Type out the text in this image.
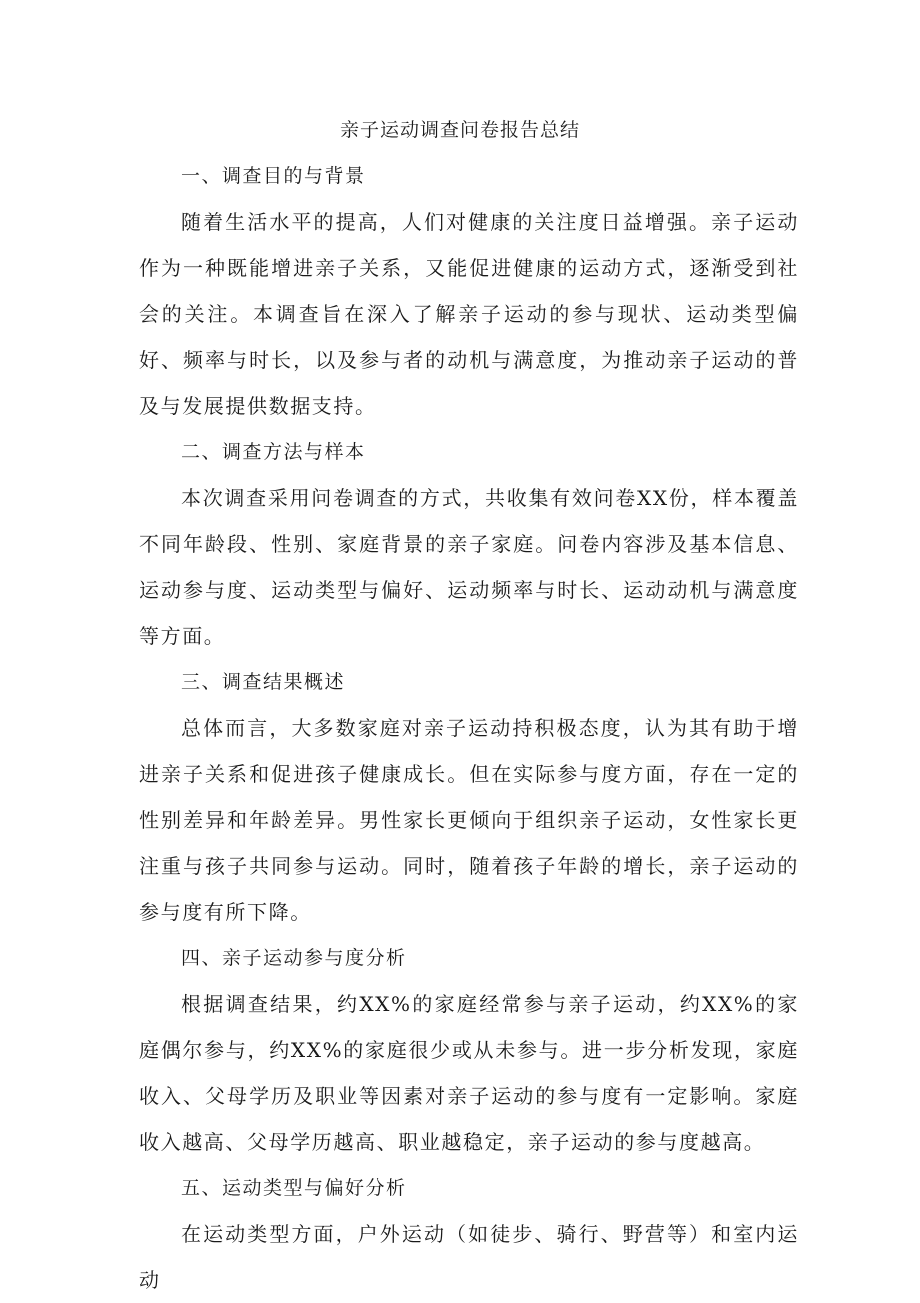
亲子运动调查问卷报告总结

一、调查目的与背景

随着生活水平的提高，人们对健康的关注度日益增强。亲子运动作为一种既能增进亲子关系，又能促进健康的运动方式，逐渐受到社会的关注。本调查旨在深入了解亲子运动的参与现状、运动类型偏好、频率与时长，以及参与者的动机与满意度，为推动亲子运动的普及与发展提供数据支持。

二、调查方法与样本

本次调查采用问卷调查的方式，共收集有效问卷XX份，样本覆盖不同年龄段、性别、家庭背景的亲子家庭。问卷内容涉及基本信息、运动参与度、运动类型与偏好、运动频率与时长、运动动机与满意度等方面。

三、调查结果概述

总体而言，大多数家庭对亲子运动持积极态度，认为其有助于增进亲子关系和促进孩子健康成长。但在实际参与度方面，存在一定的性别差异和年龄差异。男性家长更倾向于组织亲子运动，女性家长更注重与孩子共同参与运动。同时，随着孩子年龄的增长，亲子运动的参与度有所下降。

四、亲子运动参与度分析

根据调查结果，约XX%的家庭经常参与亲子运动，约XX%的家庭偶尔参与，约XX%的家庭很少或从未参与。进一步分析发现，家庭收入、父母学历及职业等因素对亲子运动的参与度有一定影响。家庭收入越高、父母学历越高、职业越稳定，亲子运动的参与度越高。

五、运动类型与偏好分析

在运动类型方面，户外运动（如徒步、骑行、野营等）和室内运动
